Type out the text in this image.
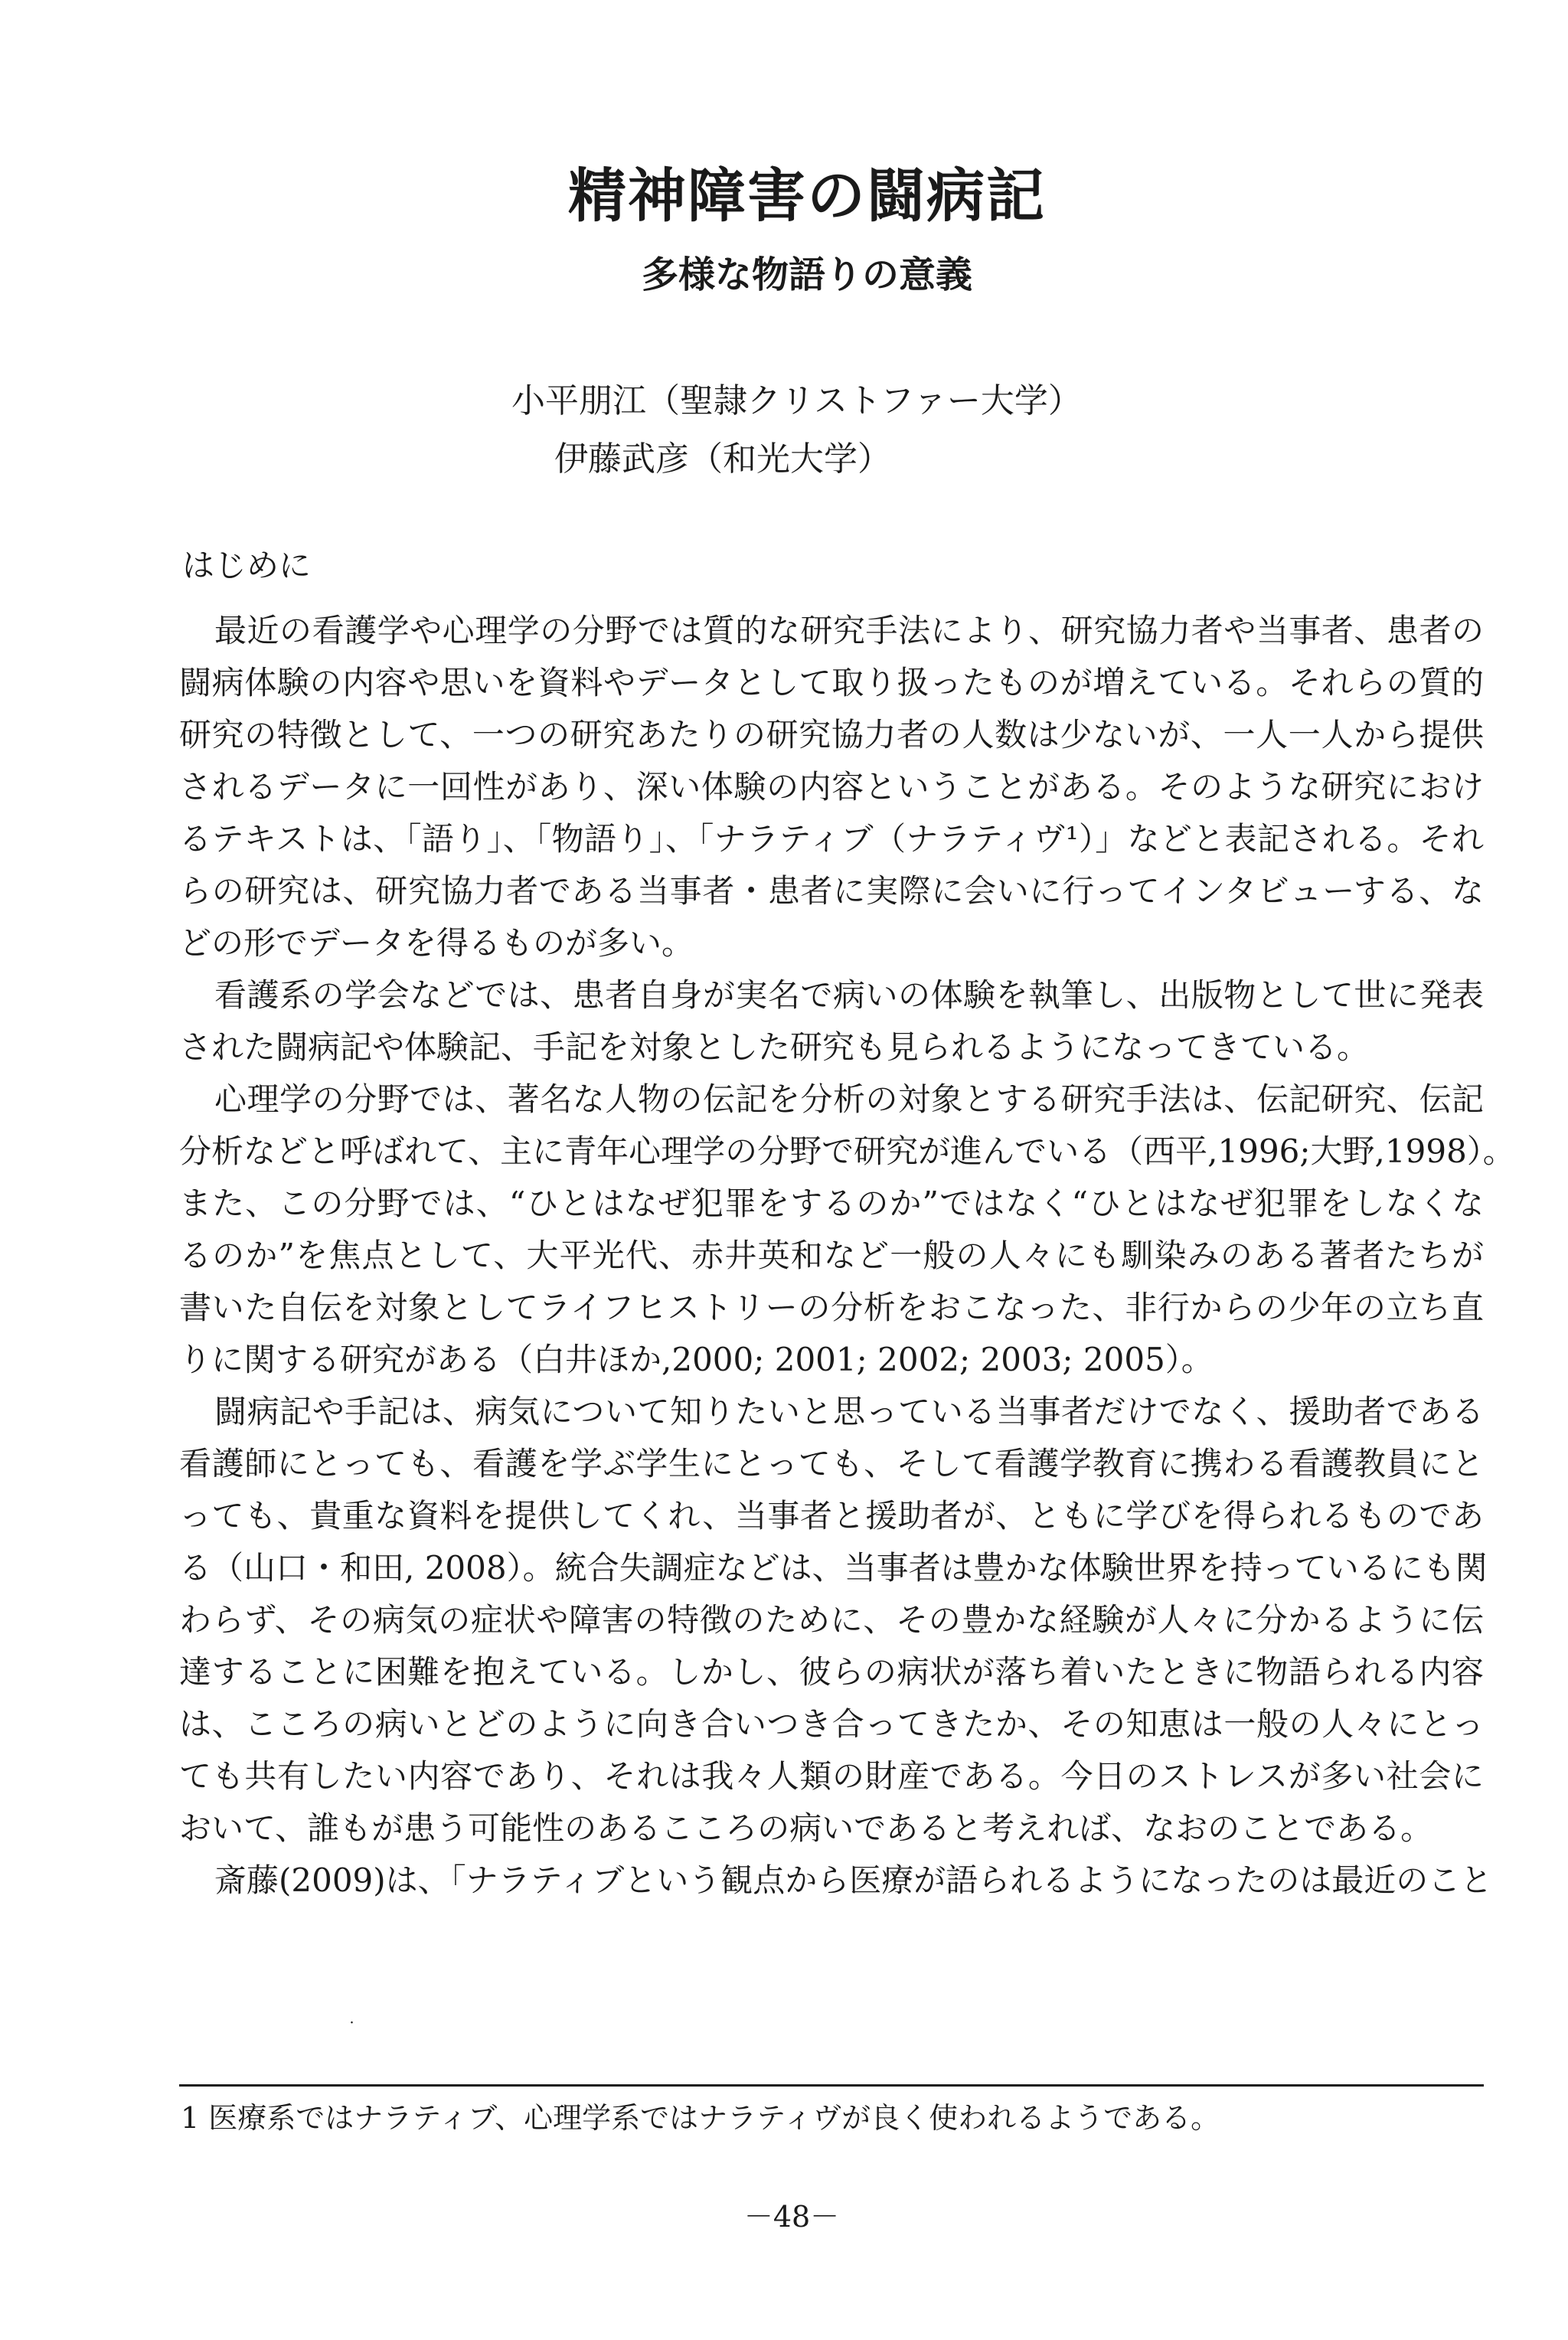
精神障害の闘病記
多様な物語りの意義
小平朋江（聖隷クリストファー大学）
伊藤武彦（和光大学）
はじめに
最近の看護学や心理学の分野では質的な研究手法により、研究協力者や当事者、患者の
闘病体験の内容や思いを資料やデータとして取り扱ったものが増えている。それらの質的
研究の特徴として、一つの研究あたりの研究協力者の人数は少ないが、一人一人から提供
されるデータに一回性があり、深い体験の内容ということがある。そのような研究におけ
るテキストは、「語り」、「物語り」、「ナラティブ（ナラティヴ¹）」などと表記される。それ
らの研究は、研究協力者である当事者・患者に実際に会いに行ってインタビューする、な
どの形でデータを得るものが多い。
看護系の学会などでは、患者自身が実名で病いの体験を執筆し、出版物として世に発表
された闘病記や体験記、手記を対象とした研究も見られるようになってきている。
心理学の分野では、著名な人物の伝記を分析の対象とする研究手法は、伝記研究、伝記
分析などと呼ばれて、主に青年心理学の分野で研究が進んでいる（西平,1996;大野,1998）。
また、この分野では、“ひとはなぜ犯罪をするのか”ではなく“ひとはなぜ犯罪をしなくな
るのか”を焦点として、大平光代、赤井英和など一般の人々にも馴染みのある著者たちが
書いた自伝を対象としてライフヒストリーの分析をおこなった、非行からの少年の立ち直
りに関する研究がある（白井ほか,2000; 2001; 2002; 2003; 2005）。
闘病記や手記は、病気について知りたいと思っている当事者だけでなく、援助者である
看護師にとっても、看護を学ぶ学生にとっても、そして看護学教育に携わる看護教員にと
っても、貴重な資料を提供してくれ、当事者と援助者が、ともに学びを得られるものであ
る（山口・和田, 2008）。統合失調症などは、当事者は豊かな体験世界を持っているにも関
わらず、その病気の症状や障害の特徴のために、その豊かな経験が人々に分かるように伝
達することに困難を抱えている。しかし、彼らの病状が落ち着いたときに物語られる内容
は、こころの病いとどのように向き合いつき合ってきたか、その知恵は一般の人々にとっ
ても共有したい内容であり、それは我々人類の財産である。今日のストレスが多い社会に
おいて、誰もが患う可能性のあるこころの病いであると考えれば、なおのことである。
斎藤(2009)は、「ナラティブという観点から医療が語られるようになったのは最近のこと
˙
1 医療系ではナラティブ、心理学系ではナラティヴが良く使われるようである。
－48－
